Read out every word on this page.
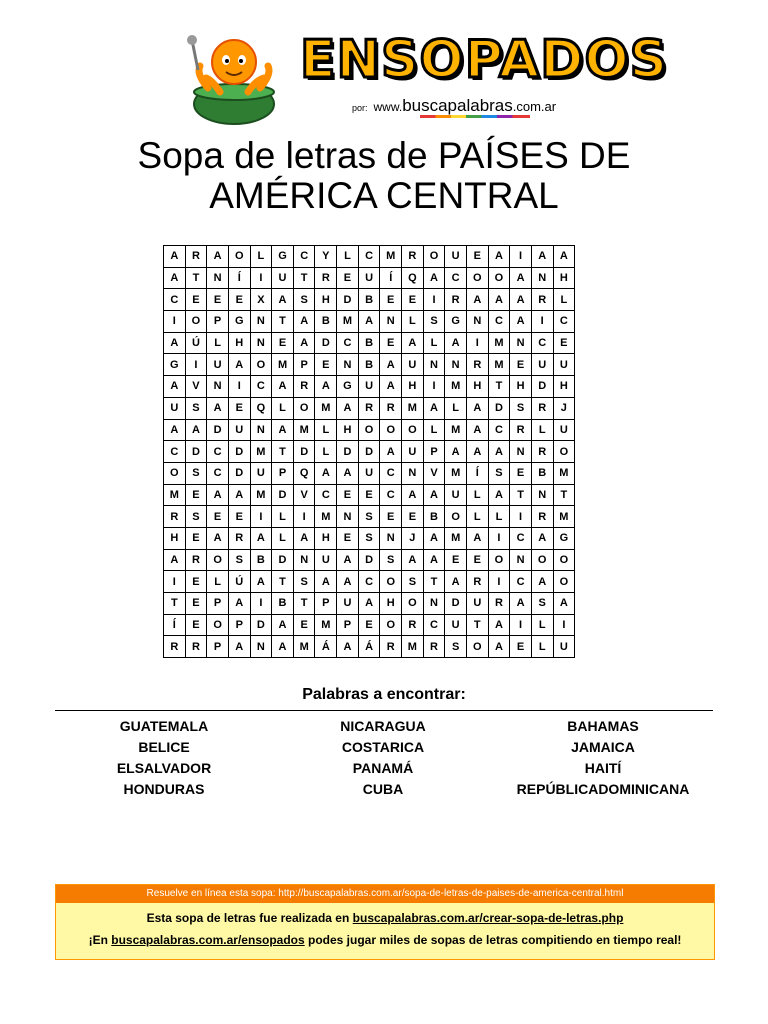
ENSOPADOS
por: www.buscapalabras.com.ar
Sopa de letras de PAÍSES DE
AMÉRICA CENTRAL
A	R	A	O	L	G	C	Y	L	C	M	R	O	U	E	A	I	A	A
A	T	N	Í	I	U	T	R	E	U	Í	Q	A	C	O	O	A	N	H
C	E	E	E	X	A	S	H	D	B	E	E	I	R	A	A	A	R	L
I	O	P	G	N	T	A	B	M	A	N	L	S	G	N	C	A	I	C
A	Ú	L	H	N	E	A	D	C	B	E	A	L	A	I	M	N	C	E
G	I	U	A	O	M	P	E	N	B	A	U	N	N	R	M	E	U	U
A	V	N	I	C	A	R	A	G	U	A	H	I	M	H	T	H	D	H
U	S	A	E	Q	L	O	M	A	R	R	M	A	L	A	D	S	R	J
A	A	D	U	N	A	M	L	H	O	O	O	L	M	A	C	R	L	U
C	D	C	D	M	T	D	L	D	D	A	U	P	A	A	A	N	R	O
O	S	C	D	U	P	Q	A	A	U	C	N	V	M	Í	S	E	B	M
M	E	A	A	M	D	V	C	E	E	C	A	A	U	L	A	T	N	T
R	S	E	E	I	L	I	M	N	S	E	E	B	O	L	L	I	R	M
H	E	A	R	A	L	A	H	E	S	N	J	A	M	A	I	C	A	G
A	R	O	S	B	D	N	U	A	D	S	A	A	E	E	O	N	O	O
I	E	L	Ú	A	T	S	A	A	C	O	S	T	A	R	I	C	A	O
T	E	P	A	I	B	T	P	U	A	H	O	N	D	U	R	A	S	A
Í	E	O	P	D	A	E	M	P	E	O	R	C	U	T	A	I	L	I
R	R	P	A	N	A	M	Á	A	Á	R	M	R	S	O	A	E	L	U
Palabras a encontrar:
GUATEMALA
BELICE
ELSALVADOR
HONDURAS
NICARAGUA
COSTARICA
PANAMÁ
CUBA
BAHAMAS
JAMAICA
HAITÍ
REPÚBLICADOMINICANA
Resuelve en línea esta sopa: http://buscapalabras.com.ar/sopa-de-letras-de-paises-de-america-central.html
Esta sopa de letras fue realizada en buscapalabras.com.ar/crear-sopa-de-letras.php
¡En buscapalabras.com.ar/ensopados podes jugar miles de sopas de letras compitiendo en tiempo real!
